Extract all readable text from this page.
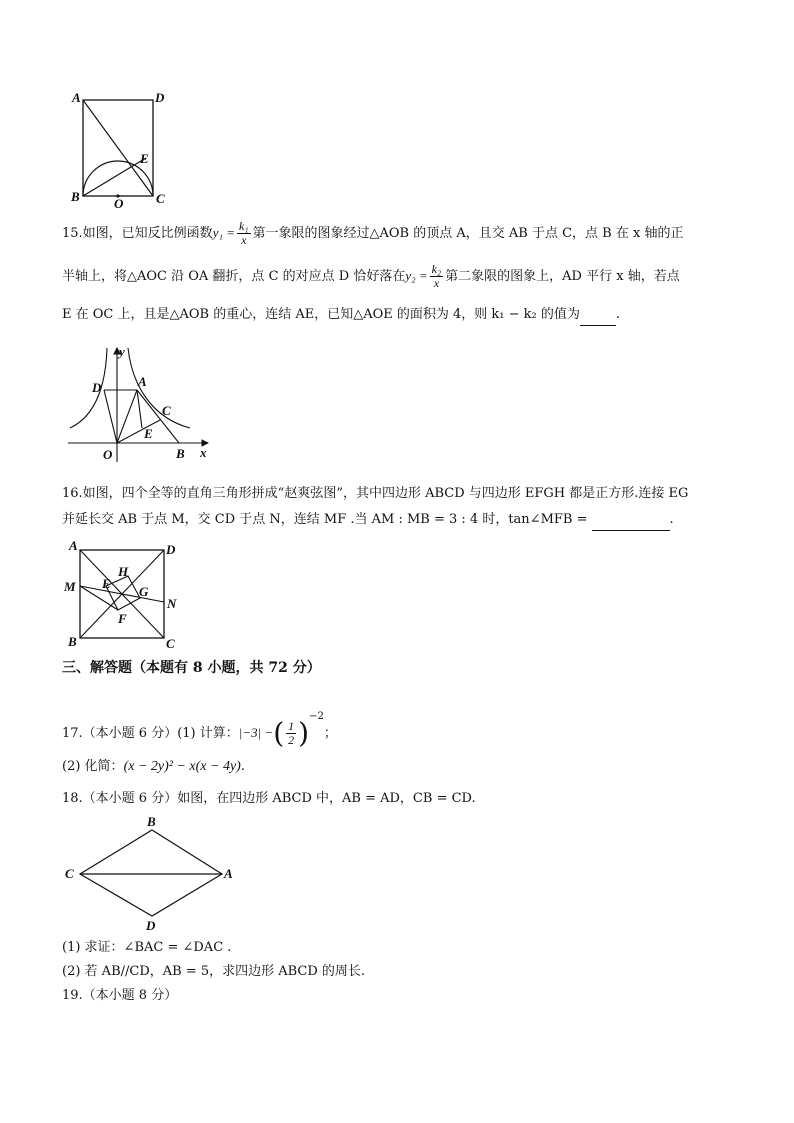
A	D
E
B	C
O
15.如图，已知反比例函数$y_1 = \frac{\text{k₁}}{x}$ 第一象限的图象经过△AOB 的顶点 A，且交 AB 于点 C，点 B 在 x 轴的正
半轴上，将△AOC 沿 OA 翻折，点 C 的对应点 D 恰好落在$y_2 = \frac{\text{k₂}}{x}$ 第二象限的图象上，AD 平行 x 轴，若点
E 在 OC 上，且是△AOB 的重心，连结 AE，已知△AOE 的面积为 4，则 k₁ − k₂ 的值为	.
y
D	A
C
E
O	B x
16.如图，四个全等的直角三角形拼成“赵爽弦图”，其中四边形 ABCD 与四边形 EFGH 都是正方形.连接 EG
并延长交 AB 于点 M，交 CD 于点 N，连结 MF .当 AM : MB = 3 : 4 时，tan∠MFB =	.
A	D
M E
H
G
N
F
B	C
三、解答题（本题有 8 小题，共 72 分）
17.（本小题 6 分）(1) 计算：|−3| −( $\frac{1}{2} )^{-2}$；
(2) 化简：(x − 2y)² − x(x − 4y).
18.（本小题 6 分）如图，在四边形 ABCD 中，AB = AD，CB = CD.
B
C	A
D
(1) 求证：∠BAC = ∠DAC .
(2) 若 AB//CD，AB = 5，求四边形 ABCD 的周长.
19.（本小题 8 分）
